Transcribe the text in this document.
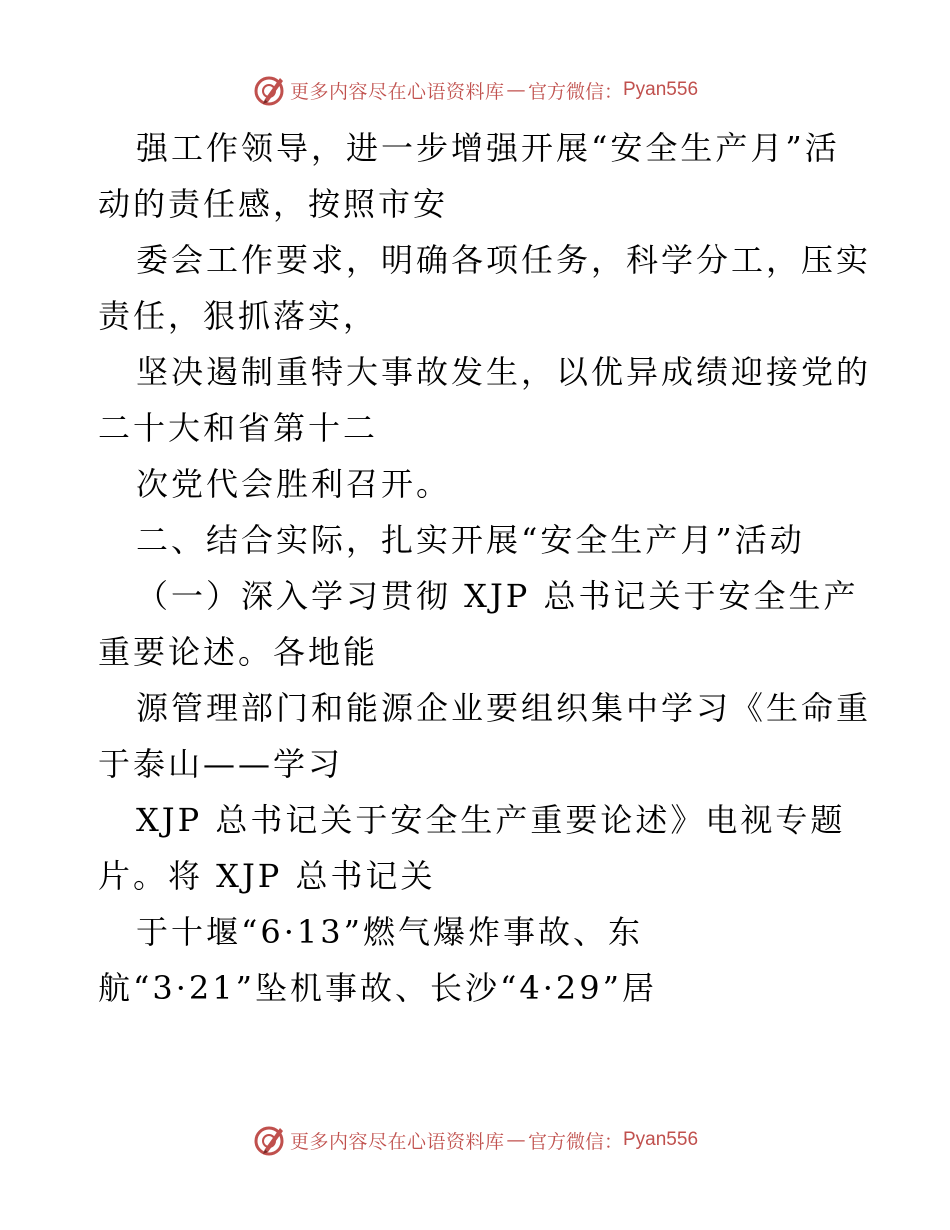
更多内容尽在心语资料库 — 官方微信： Pyan556
强工作领导，进一步增强开展“安全生产月”活
动的责任感，按照市安
委会工作要求，明确各项任务，科学分工，压实
责任，狠抓落实，
坚决遏制重特大事故发生，以优异成绩迎接党的
二十大和省第十二
次党代会胜利召开。
二、结合实际，扎实开展“安全生产月”活动
（一）深入学习贯彻 XJP 总书记关于安全生产
重要论述。各地能
源管理部门和能源企业要组织集中学习《生命重
于泰山——学习
XJP 总书记关于安全生产重要论述》电视专题
片。将 XJP 总书记关
于十堰“6·13”燃气爆炸事故、东
航“3·21”坠机事故、长沙“4·29”居
更多内容尽在心语资料库 — 官方微信： Pyan556
